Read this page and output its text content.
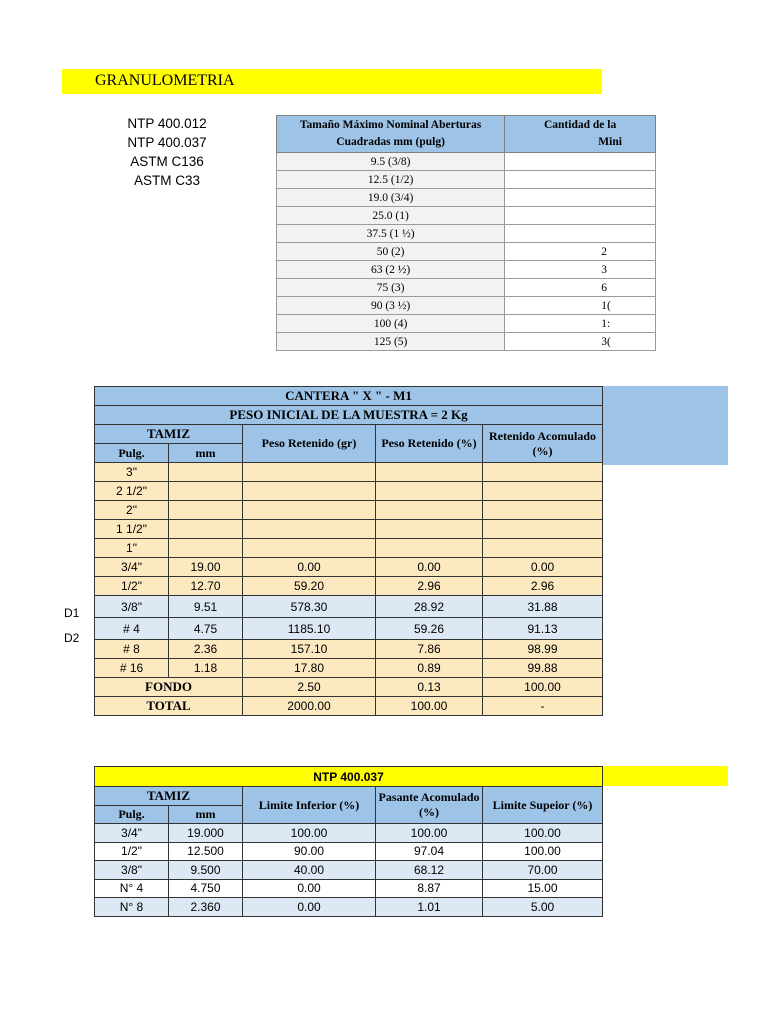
GRANULOMETRIA
NTP 400.012
NTP 400.037
ASTM C136
ASTM C33
Tamaño Máximo Nominal Aberturas Cuadradas mm (pulg)	Cantidad de la
Mini
9.5 (3/8)	
12.5 (1/2)	
19.0 (3/4)	
25.0 (1)	
37.5 (1 ½)	
50 (2)	2
63 (2 ½)	3
75 (3)	6
90 (3 ½)	1(
100 (4)	1:
125 (5)	3(
CANTERA " X " - M1				
PESO INICIAL DE LA MUESTRA = 2 Kg				
TAMIZ		Peso Retenido (gr)	Peso Retenido (%)	Retenido Acomulado (%)
Pulg.	mm			
3"				
2 1/2"				
2"				
1 1/2"				
1"				
3/4"	19.00	0.00	0.00	0.00
1/2"	12.70	59.20	2.96	2.96
3/8"	9.51	578.30	28.92	31.88
# 4	4.75	1185.10	59.26	91.13
# 8	2.36	157.10	7.86	98.99
# 16	1.18	17.80	0.89	99.88
FONDO		2.50	0.13	100.00
TOTAL		2000.00	100.00	-
D1
D2
NTP 400.037				
TAMIZ		Limite Inferior (%)	Pasante Acomulado (%)	Limite Supeior (%)
Pulg.	mm			
3/4"	19.000	100.00	100.00	100.00
1/2"	12.500	90.00	97.04	100.00
3/8"	9.500	40.00	68.12	70.00
N° 4	4.750	0.00	8.87	15.00
N° 8	2.360	0.00	1.01	5.00
